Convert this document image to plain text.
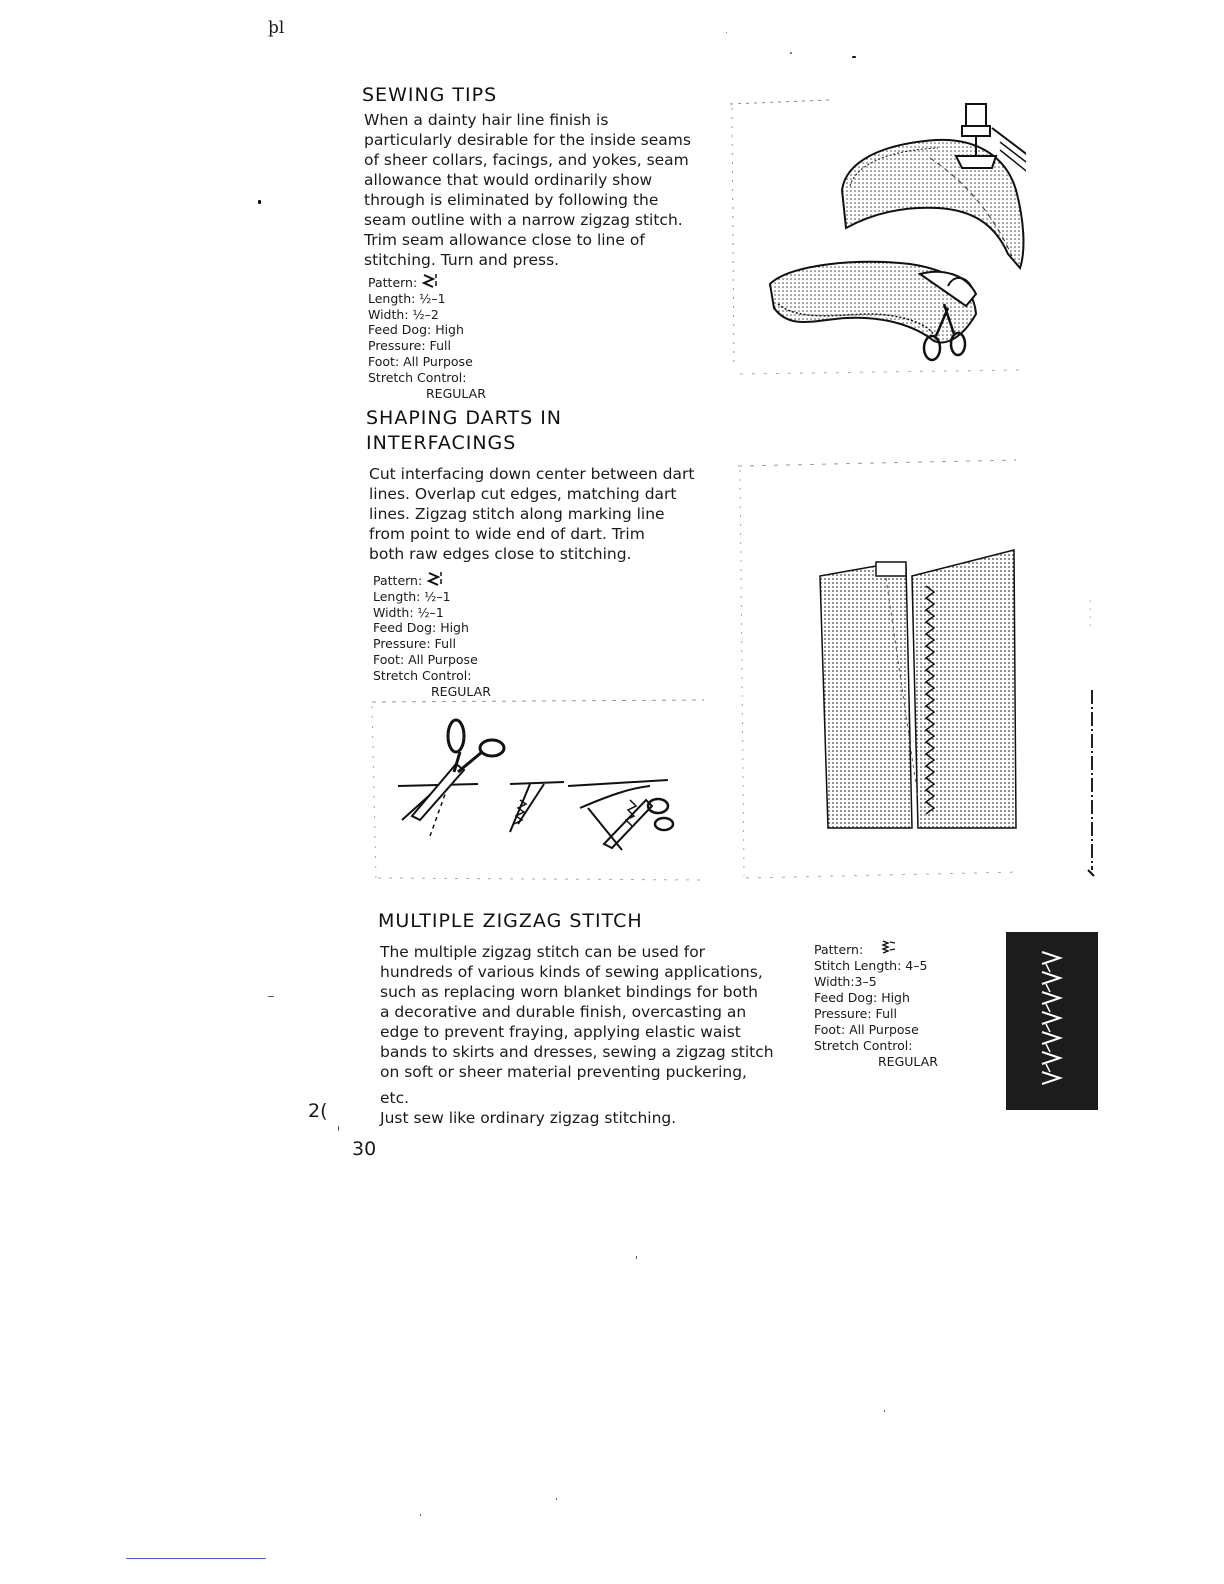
þl
SEWING TIPS
When a dainty hair line finish is
particularly desirable for the inside seams
of sheer collars, facings, and yokes, seam
allowance that would ordinarily show
through is eliminated by following the
seam outline with a narrow zigzag stitch.
Trim seam allowance close to line of
stitching. Turn and press.
Pattern:
Length: ½–1
Width: ½–2
Feed Dog: High
Pressure: Full
Foot: All Purpose
Stretch Control:
REGULAR
SHAPING DARTS IN
INTERFACINGS
Cut interfacing down center between dart
lines. Overlap cut edges, matching dart
lines. Zigzag stitch along marking line
from point to wide end of dart. Trim
both raw edges close to stitching.
Pattern:
Length: ½–1
Width: ½–1
Feed Dog: High
Pressure: Full
Foot: All Purpose
Stretch Control:
REGULAR
MULTIPLE ZIGZAG STITCH
The multiple zigzag stitch can be used for
hundreds of various kinds of sewing applications,
such as replacing worn blanket bindings for both
a decorative and durable finish, overcasting an
edge to prevent fraying, applying elastic waist
bands to skirts and dresses, sewing a zigzag stitch
on soft or sheer material preventing puckering,
etc.
Just sew like ordinary zigzag stitching.
Pattern:
Stitch Length: 4–5
Width:3–5
Feed Dog: High
Pressure: Full
Foot: All Purpose
Stretch Control:
REGULAR
2(
30
